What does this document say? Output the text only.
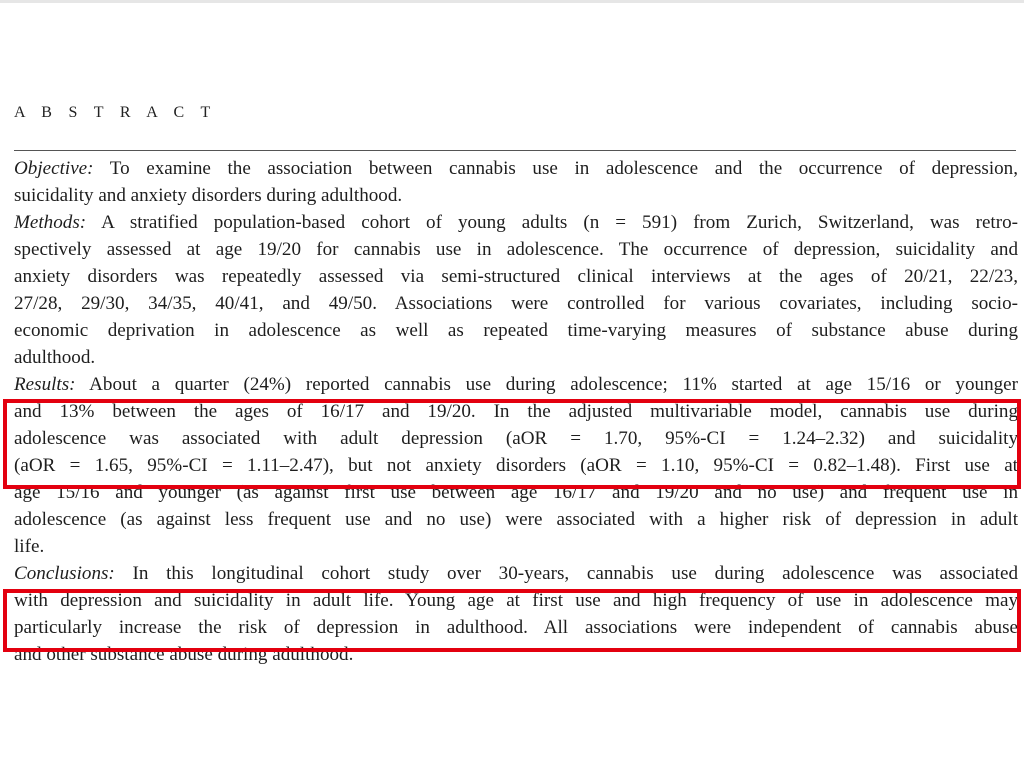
A B S T R A C T
Objective: To examine the association between cannabis use in adolescence and the occurrence of depression,
suicidality and anxiety disorders during adulthood.
Methods: A stratified population-based cohort of young adults (n = 591) from Zurich, Switzerland, was retro-
spectively assessed at age 19/20 for cannabis use in adolescence. The occurrence of depression, suicidality and
anxiety disorders was repeatedly assessed via semi-structured clinical interviews at the ages of 20/21, 22/23,
27/28, 29/30, 34/35, 40/41, and 49/50. Associations were controlled for various covariates, including socio-
economic deprivation in adolescence as well as repeated time-varying measures of substance abuse during
adulthood.
Results: About a quarter (24%) reported cannabis use during adolescence; 11% started at age 15/16 or younger
and 13% between the ages of 16/17 and 19/20. In the adjusted multivariable model, cannabis use during
adolescence was associated with adult depression (aOR = 1.70, 95%-CI = 1.24–2.32) and suicidality
(aOR = 1.65, 95%-CI = 1.11–2.47), but not anxiety disorders (aOR = 1.10, 95%-CI = 0.82–1.48). First use at
age 15/16 and younger (as against first use between age 16/17 and 19/20 and no use) and frequent use in
adolescence (as against less frequent use and no use) were associated with a higher risk of depression in adult
life.
Conclusions: In this longitudinal cohort study over 30-years, cannabis use during adolescence was associated
with depression and suicidality in adult life. Young age at first use and high frequency of use in adolescence may
particularly increase the risk of depression in adulthood. All associations were independent of cannabis abuse
and other substance abuse during adulthood.
